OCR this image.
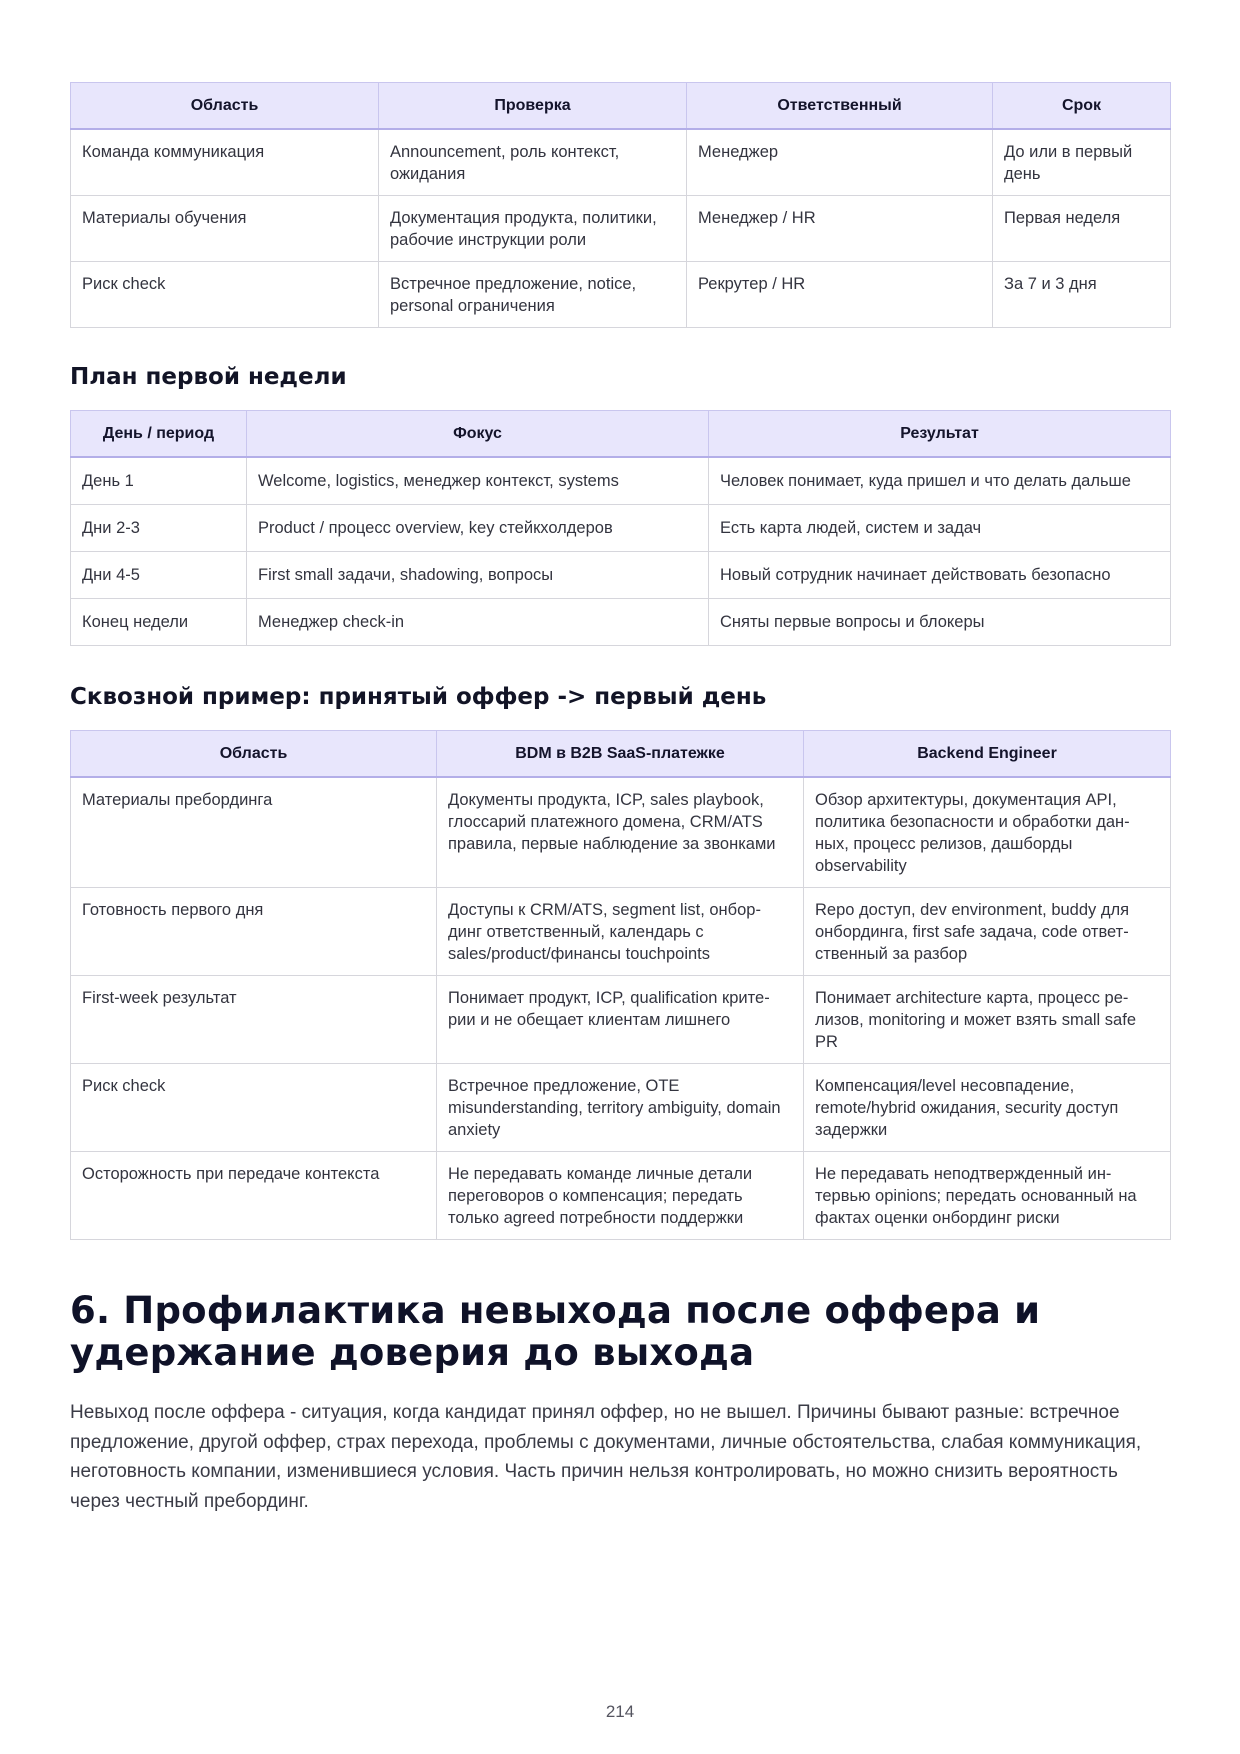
Область	Проверка	Ответственный	Срок
Команда коммуникация	Announcement, роль контекст, ожидания	Менеджер	До или в первый день
Материалы обучения	Документация продукта, политики, рабочие инструкции роли	Менеджер / HR	Первая неделя
Риск check	Встречное предложение, notice, personal ограничения	Рекрутер / HR	За 7 и 3 дня
План первой недели
День / период	Фокус	Результат
День 1	Welcome, logistics, менеджер контекст, systems	Человек понимает, куда пришел и что делать дальше
Дни 2-3	Product / процесс overview, key стейкхолдеров	Есть карта людей, систем и задач
Дни 4-5	First small задачи, shadowing, вопросы	Новый сотрудник начинает действовать безопасно
Конец недели	Менеджер check-in	Сняты первые вопросы и блокеры
Сквозной пример: принятый оффер -> первый день
Область	BDM в B2B SaaS-платежке	Backend Engineer
Материалы пребординга	Документы продукта, ICP, sales playbook, глоссарий платежного домена, CRM/ATS правила, первые наблюдение за звонками	Обзор архитектуры, документация API, политика безопасности и обработки дан-ных, процесс релизов, дашборды observability
Готовность первого дня	Доступы к CRM/ATS, segment list, онбор-динг ответственный, календарь с sales/product/финансы touchpoints	Repo доступ, dev environment, buddy для онбординга, first safe задача, code ответ-ственный за разбор
First-week результат	Понимает продукт, ICP, qualification крите-рии и не обещает клиентам лишнего	Понимает architecture карта, процесс ре-лизов, monitoring и может взять small safe PR
Риск check	Встречное предложение, OTE misunderstanding, territory ambiguity, domain anxiety	Компенсация/level несовпадение, remote/hybrid ожидания, security доступ задержки
Осторожность при передаче контекста	Не передавать команде личные детали переговоров о компенсация; передать только agreed потребности поддержки	Не передавать неподтвержденный ин-тервью opinions; передать основанный на фактах оценки онбординг риски
6. Профилактика невыхода после оффера и удержание доверия до выхода

Невыход после оффера - ситуация, когда кандидат принял оффер, но не вышел. Причины бывают разные: встречное предложение, другой оффер, страх перехода, проблемы с документами, личные обстоятельства, слабая коммуникация, неготовность компании, изменившиеся условия. Часть причин нельзя контролировать, но можно снизить вероятность через честный пребординг.

214
